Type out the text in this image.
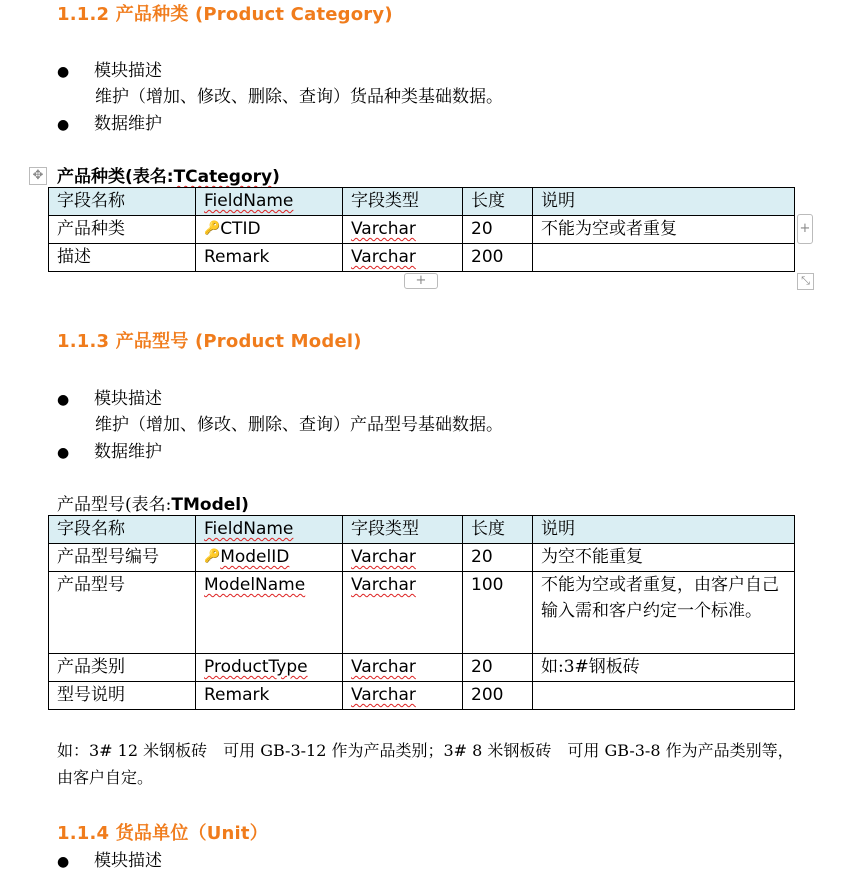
1.1.2 产品种类 (Product Category)
● 模块描述
维护（增加、修改、删除、查询）货品种类基础数据。
● 数据维护
✥ 产品种类(表名:TCategory)
字段名称	FieldName	字段类型	长度	说明
产品种类	🔑CTID	Varchar	20	不能为空或者重复
描述	Remark	Varchar	200	
+
+	⤡
1.1.3 产品型号 (Product Model)
● 模块描述
维护（增加、修改、删除、查询）产品型号基础数据。
● 数据维护
产品型号(表名:TModel)
字段名称	FieldName	字段类型	长度	说明
产品型号编号	🔑ModelID	Varchar	20	为空不能重复
产品型号	ModelName	Varchar	100	不能为空或者重复，由客户自己输入需和客户约定一个标准。
产品类别	ProductType	Varchar	20	如:3#钢板砖
型号说明	Remark	Varchar	200	
如：3# 12 米钢板砖　可用 GB-3-12 作为产品类别；3# 8 米钢板砖　可用 GB-3-8 作为产品类别等，由客户自定。
1.1.4 货品单位（Unit）
● 模块描述
